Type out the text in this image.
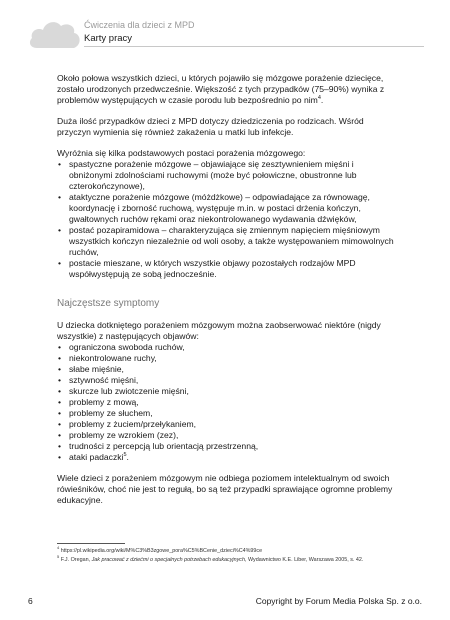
Ćwiczenia dla dzieci z MPD
Karty pracy

Około połowa wszystkich dzieci, u których pojawiło się mózgowe porażenie dziecięce, zostało urodzonych przedwcześnie. Większość z tych przypadków (75–90%) wynika z problemów występujących w czasie porodu lub bezpośrednio po nim$^4$.

Duża ilość przypadków dzieci z MPD dotyczy dziedziczenia po rodzicach. Wśród przyczyn wymienia się również zakażenia u matki lub infekcje.

Wyróżnia się kilka podstawowych postaci porażenia mózgowego:

• spastyczne porażenie mózgowe – objawiające się zesztywnieniem mięśni i obniżonymi zdolnościami ruchowymi (może być połowiczne, obustronne lub czterokończynowe),
• ataktyczne porażenie mózgowe (móżdżkowe) – odpowiadające za równowagę, koordynację i zborność ruchową, występuje m.in. w postaci drżenia kończyn, gwałtownych ruchów rękami oraz niekontrolowanego wydawania dźwięków,
• postać pozapiramidowa – charakteryzująca się zmiennym napięciem mięśniowym wszystkich kończyn niezależnie od woli osoby, a także występowaniem mimowolnych ruchów,
• postacie mieszane, w których wszystkie objawy pozostałych rodzajów MPD współwystępują ze sobą jednocześnie.
Najczęstsze symptomy

U dziecka dotkniętego porażeniem mózgowym można zaobserwować niektóre (nigdy wszystkie) z następujących objawów:

• ograniczona swoboda ruchów,
• niekontrolowane ruchy,
• słabe mięśnie,
• sztywność mięśni,
• skurcze lub zwiotczenie mięśni,
• problemy z mową,
• problemy ze słuchem,
• problemy z żuciem/przełykaniem,
• problemy ze wzrokiem (zez),
• trudności z percepcją lub orientacją przestrzenną,
• ataki padaczki$^5$.

Wiele dzieci z porażeniem mózgowym nie odbiega poziomem intelektualnym od swoich rówieśników, choć nie jest to regułą, bo są też przypadki sprawiające ogromne problemy edukacyjne.

$^4$ https://pl.wikipedia.org/wiki/M%C3%B3zgowe_pora%C5%BCenie_dzieci%C4%99ce

$^5$ F.J. Oregan, Jak pracować z dziećmi o specjalnych potrzebach edukacyjnych, Wydawnictwo K.E. Liber, Warszawa 2005, s. 42.

6	Copyright by Forum Media Polska Sp. z o.o.
